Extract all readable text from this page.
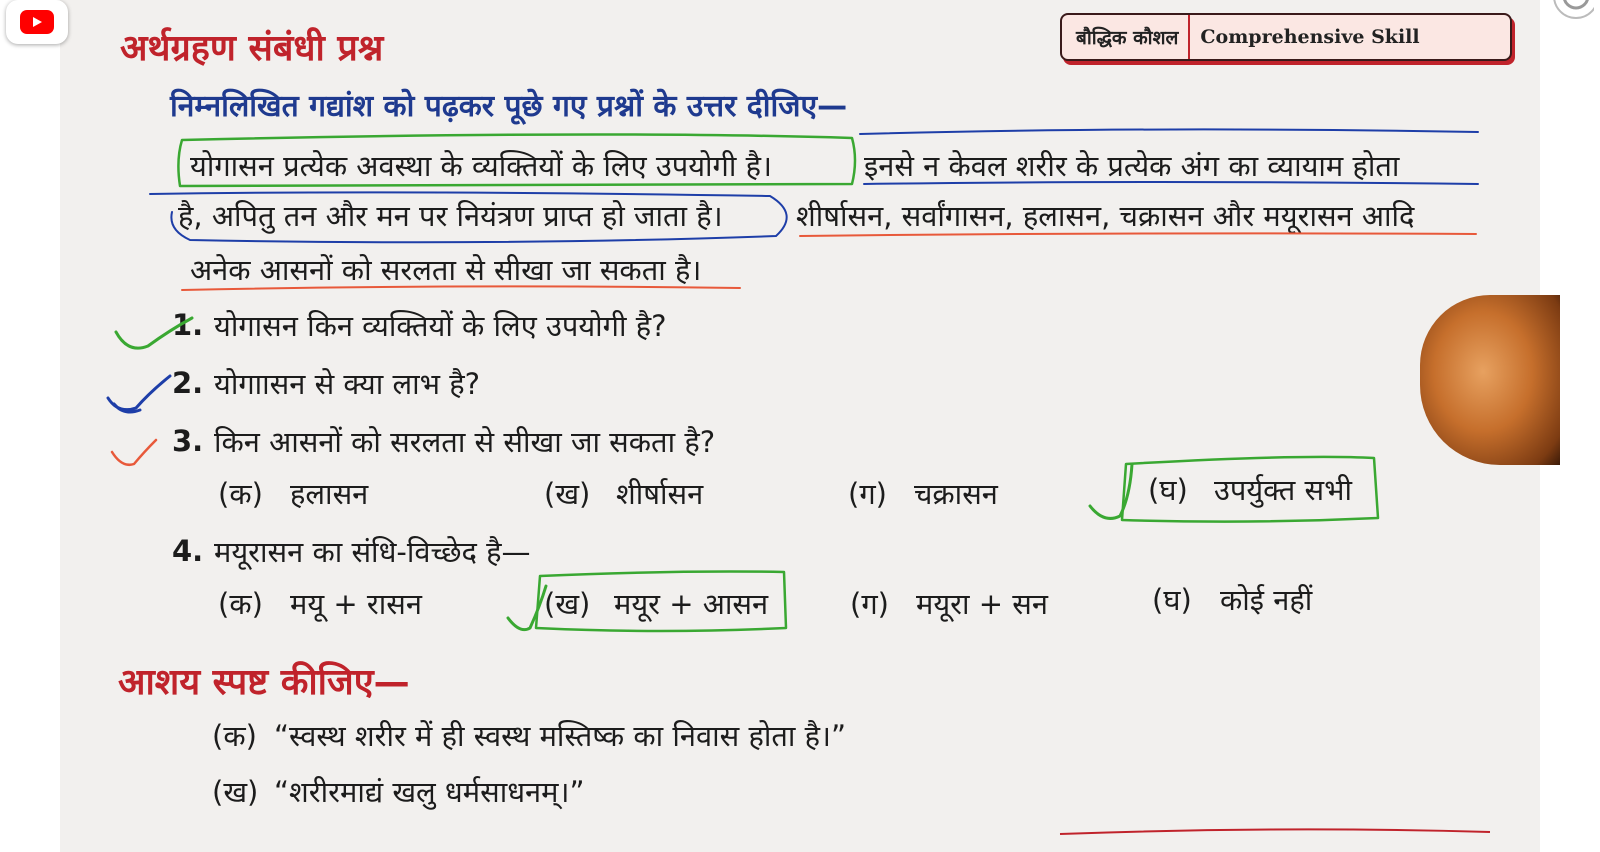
अर्थग्रहण संबंधी प्रश्न	बौद्धिक कौशल	Comprehensive Skill
निम्नलिखित गद्यांश को पढ़कर पूछे गए प्रश्नों के उत्तर दीजिए—
योगासन प्रत्येक अवस्था के व्यक्तियों के लिए उपयोगी है।	इनसे न केवल शरीर के प्रत्येक अंग का व्यायाम होता
है, अपितु तन और मन पर नियंत्रण प्राप्त हो जाता है।	शीर्षासन, सर्वांगासन, हलासन, चक्रासन और मयूरासन आदि
अनेक आसनों को सरलता से सीखा जा सकता है।
1. योगासन किन व्यक्तियों के लिए उपयोगी है?
2. योगाासन से क्या लाभ है?
3. किन आसनों को सरलता से सीखा जा सकता है?
(क) हलासन	(ख) शीर्षासन	(ग) चक्रासन	(घ) उपर्युक्त सभी
4. मयूरासन का संधि-विच्छेद है—
(क) मयू + रासन	(ख) मयूर + आसन	(ग) मयूरा + सन	(घ) कोई नहीं
आशय स्पष्ट कीजिए—
(क) “स्वस्थ शरीर में ही स्वस्थ मस्तिष्क का निवास होता है।”
(ख) “शरीरमाद्यं खलु धर्मसाधनम्।”
